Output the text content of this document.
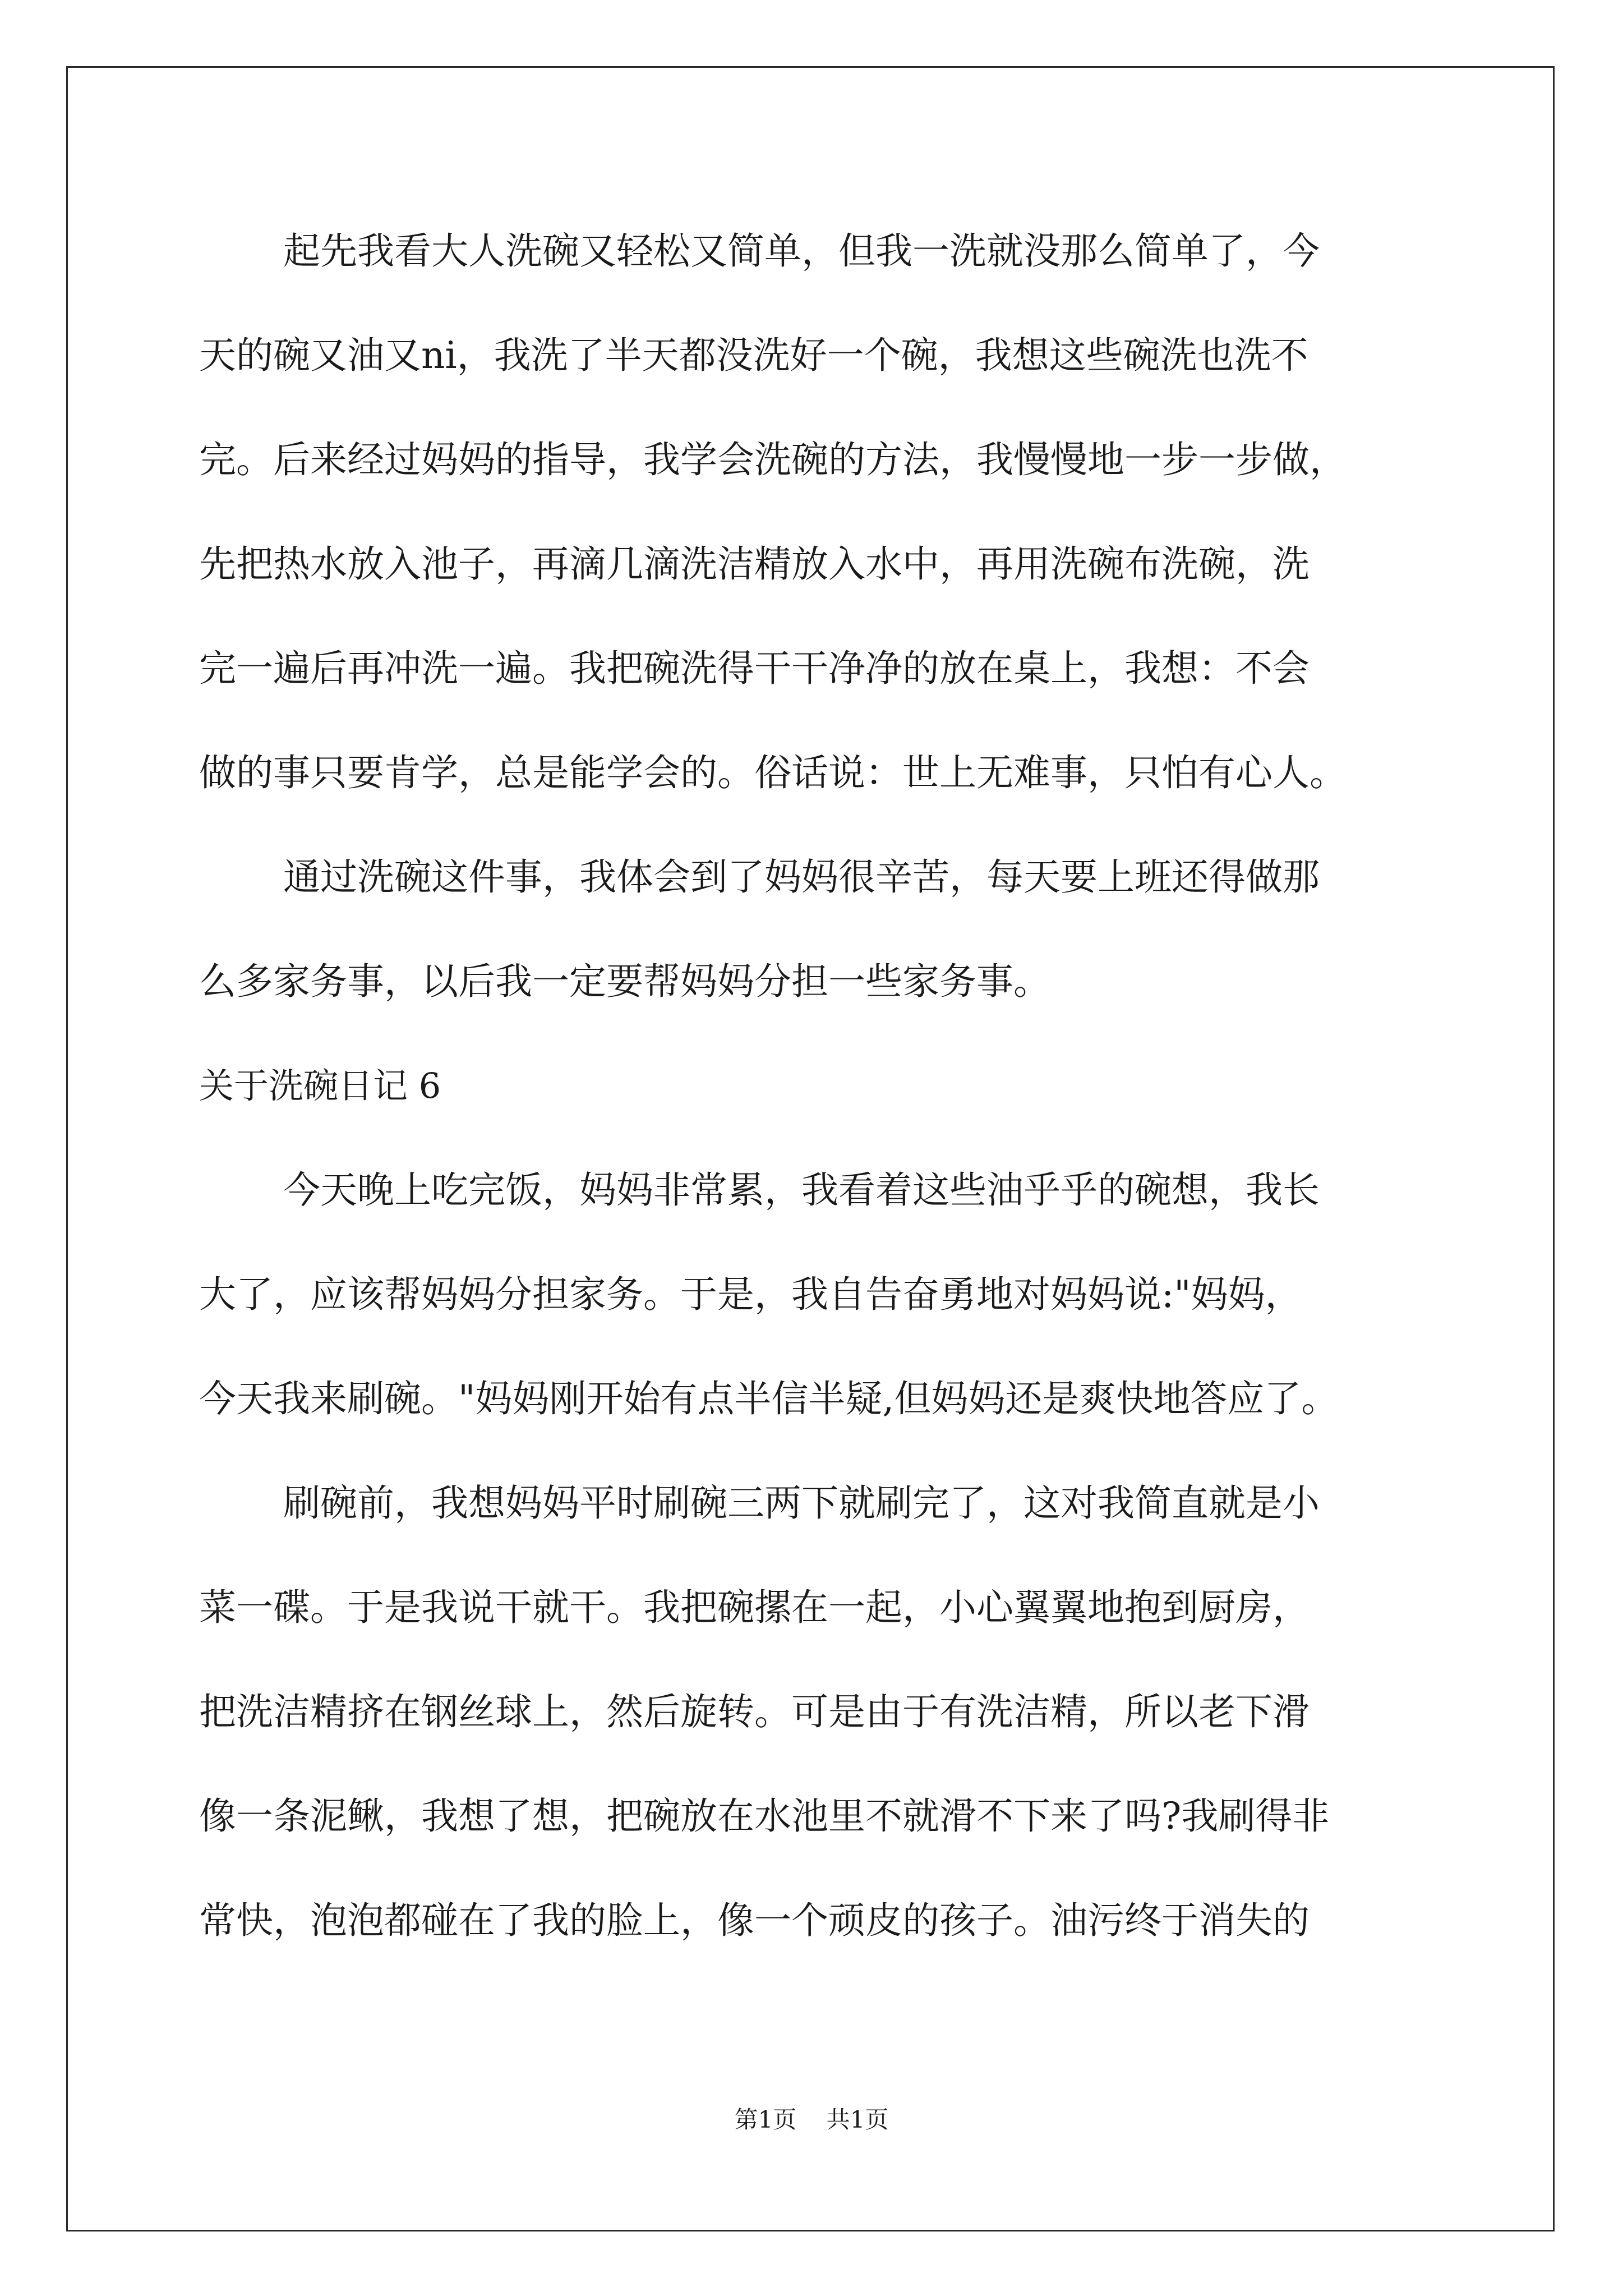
起先我看大人洗碗又轻松又简单，但我一洗就没那么简单了，今
天的碗又油又ni，我洗了半天都没洗好一个碗，我想这些碗洗也洗不
完。后来经过妈妈的指导，我学会洗碗的方法，我慢慢地一步一步做，
先把热水放入池子，再滴几滴洗洁精放入水中，再用洗碗布洗碗，洗
完一遍后再冲洗一遍。我把碗洗得干干净净的放在桌上，我想：不会
做的事只要肯学，总是能学会的。俗话说：世上无难事，只怕有心人。
通过洗碗这件事，我体会到了妈妈很辛苦，每天要上班还得做那
么多家务事，以后我一定要帮妈妈分担一些家务事。
关于洗碗日记 6
今天晚上吃完饭，妈妈非常累，我看着这些油乎乎的碗想，我长
大了，应该帮妈妈分担家务。于是，我自告奋勇地对妈妈说:"妈妈，
今天我来刷碗。"妈妈刚开始有点半信半疑,但妈妈还是爽快地答应了。
刷碗前，我想妈妈平时刷碗三两下就刷完了，这对我简直就是小
菜一碟。于是我说干就干。我把碗摞在一起，小心翼翼地抱到厨房，
把洗洁精挤在钢丝球上，然后旋转。可是由于有洗洁精，所以老下滑
像一条泥鳅，我想了想，把碗放在水池里不就滑不下来了吗?我刷得非
常快，泡泡都碰在了我的脸上，像一个顽皮的孩子。油污终于消失的
第1页    共1页
